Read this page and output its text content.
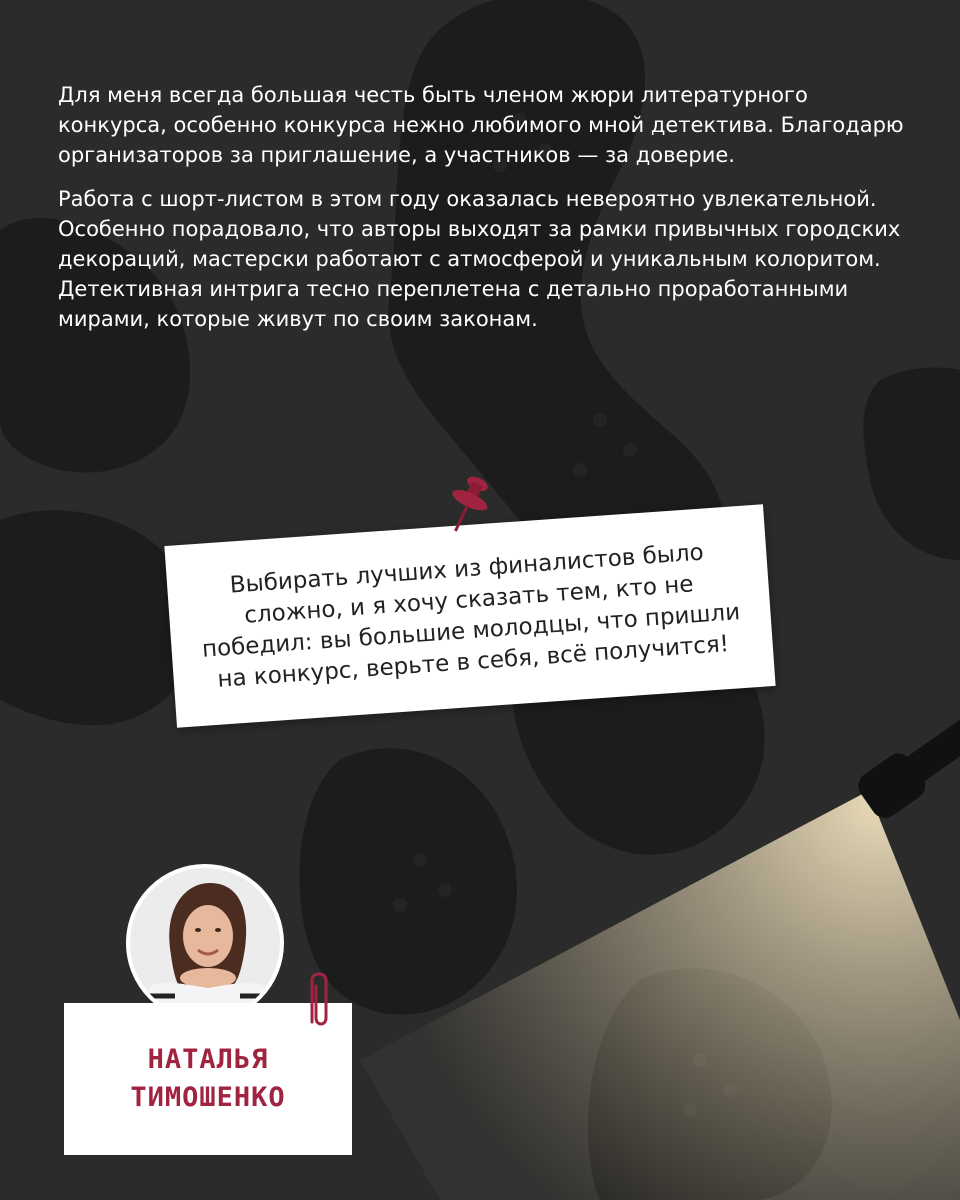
Для меня всегда большая честь быть членом жюри литературного конкурса, особенно конкурса нежно любимого мной детектива. Благодарю организаторов за приглашение, а участников — за доверие.

Работа с шорт-листом в этом году оказалась невероятно увлекательной. Особенно порадовало, что авторы выходят за рамки привычных городских декораций, мастерски работают с атмосферой и уникальным колоритом. Детективная интрига тесно переплетена с детально проработанными мирами, которые живут по своим законам.

Выбирать лучших из финалистов было сложно, и я хочу сказать тем, кто не победил: вы большие молодцы, что пришли на конкурс, верьте в себя, всё получится!
НАТАЛЬЯ
ТИМОШЕНКО
